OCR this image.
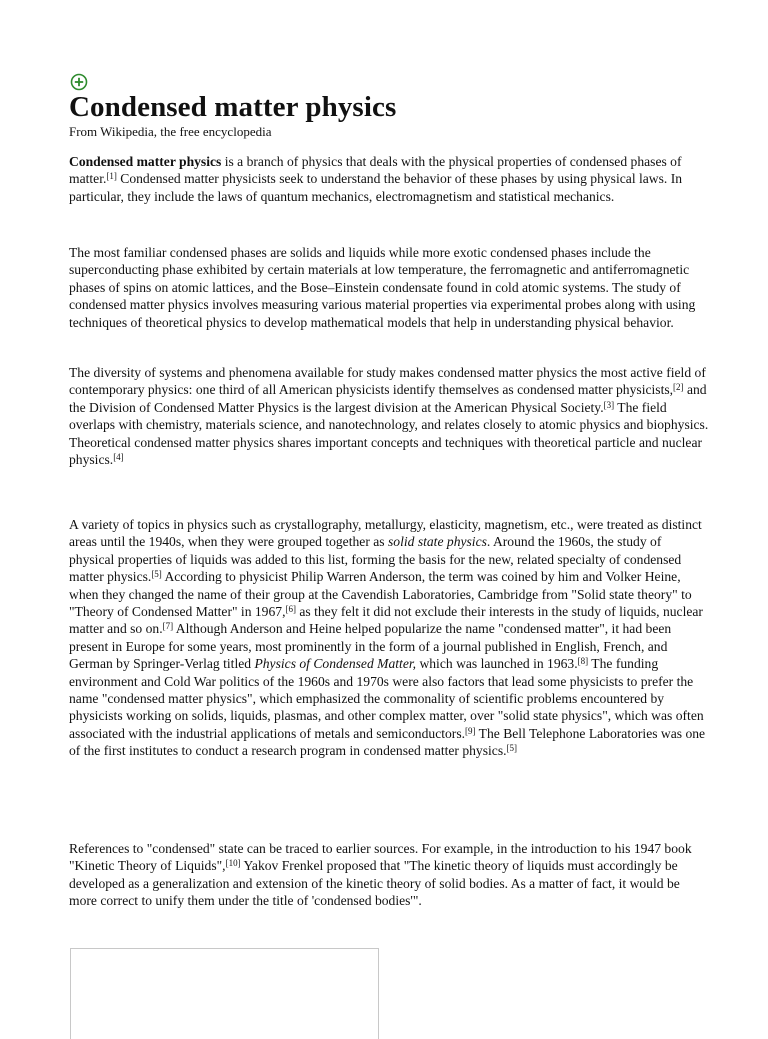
Condensed matter physics
From Wikipedia, the free encyclopedia

Condensed matter physics is a branch of physics that deals with the physical properties of condensed phases of matter.[1] Condensed matter physicists seek to understand the behavior of these phases by using physical laws. In particular, they include the laws of quantum mechanics, electromagnetism and statistical mechanics.

The most familiar condensed phases are solids and liquids while more exotic condensed phases include the superconducting phase exhibited by certain materials at low temperature, the ferromagnetic and antiferromagnetic phases of spins on atomic lattices, and the Bose–Einstein condensate found in cold atomic systems. The study of condensed matter physics involves measuring various material properties via experimental probes along with using techniques of theoretical physics to develop mathematical models that help in understanding physical behavior.

The diversity of systems and phenomena available for study makes condensed matter physics the most active field of contemporary physics: one third of all American physicists identify themselves as condensed matter physicists,[2] and the Division of Condensed Matter Physics is the largest division at the American Physical Society.[3] The field overlaps with chemistry, materials science, and nanotechnology, and relates closely to atomic physics and biophysics. Theoretical condensed matter physics shares important concepts and techniques with theoretical particle and nuclear physics.[4]

A variety of topics in physics such as crystallography, metallurgy, elasticity, magnetism, etc., were treated as distinct areas until the 1940s, when they were grouped together as solid state physics. Around the 1960s, the study of physical properties of liquids was added to this list, forming the basis for the new, related specialty of condensed matter physics.[5] According to physicist Philip Warren Anderson, the term was coined by him and Volker Heine, when they changed the name of their group at the Cavendish Laboratories, Cambridge from "Solid state theory" to "Theory of Condensed Matter" in 1967,[6] as they felt it did not exclude their interests in the study of liquids, nuclear matter and so on.[7] Although Anderson and Heine helped popularize the name "condensed matter", it had been present in Europe for some years, most prominently in the form of a journal published in English, French, and German by Springer-Verlag titled Physics of Condensed Matter, which was launched in 1963.[8] The funding environment and Cold War politics of the 1960s and 1970s were also factors that lead some physicists to prefer the name "condensed matter physics", which emphasized the commonality of scientific problems encountered by physicists working on solids, liquids, plasmas, and other complex matter, over "solid state physics", which was often associated with the industrial applications of metals and semiconductors.[9] The Bell Telephone Laboratories was one of the first institutes to conduct a research program in condensed matter physics.[5]

References to "condensed" state can be traced to earlier sources. For example, in the introduction to his 1947 book "Kinetic Theory of Liquids",[10] Yakov Frenkel proposed that "The kinetic theory of liquids must accordingly be developed as a generalization and extension of the kinetic theory of solid bodies. As a matter of fact, it would be more correct to unify them under the title of 'condensed bodies'".
